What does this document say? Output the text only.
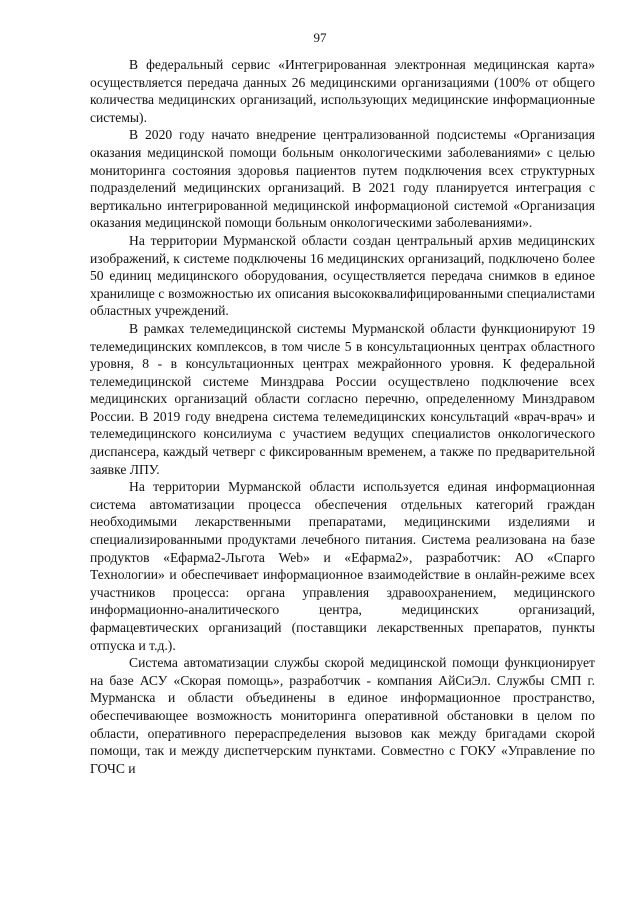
97

В федеральный сервис «Интегрированная электронная медицинская карта» осуществляется передача данных 26 медицинскими организациями (100% от общего количества медицинских организаций, использующих медицинские информационные системы).

В 2020 году начато внедрение централизованной подсистемы «Организация оказания медицинской помощи больным онкологическими заболеваниями» с целью мониторинга состояния здоровья пациентов путем подключения всех структурных подразделений медицинских организаций. В 2021 году планируется интеграция с вертикально интегрированной медицинской информационой системой «Организация оказания медицинской помощи больным онкологическими заболеваниями».

На территории Мурманской области создан центральный архив медицинских изображений, к системе подключены 16 медицинских организаций, подключено более 50 единиц медицинского оборудования, осуществляется передача снимков в единое хранилище с возможностью их описания высококвалифицированными специалистами областных учреждений.

В рамках телемедицинской системы Мурманской области функционируют 19 телемедицинских комплексов, в том числе 5 в консультационных центрах областного уровня, 8 - в консультационных центрах межрайонного уровня. К федеральной телемедицинской системе Минздрава России осуществлено подключение всех медицинских организаций области согласно перечню, определенному Минздравом России. В 2019 году внедрена система телемедицинских консультаций «врач-врач» и телемедицинского консилиума с участием ведущих специалистов онкологического диспансера, каждый четверг с фиксированным временем, а также по предварительной заявке ЛПУ.

На территории Мурманской области используется единая информационная система автоматизации процесса обеспечения отдельных категорий граждан необходимыми лекарственными препаратами, медицинскими изделиями и специализированными продуктами лечебного питания. Система реализована на базе продуктов «Ефарма2-Льгота Web» и «Ефарма2», разработчик: АО «Спарго Технологии» и обеспечивает информационное взаимодействие в онлайн-режиме всех участников процесса: органа управления здравоохранением, медицинского информационно-аналитического центра, медицинских организаций, фармацевтических организаций (поставщики лекарственных препаратов, пункты отпуска и т.д.).

Система автоматизации службы скорой медицинской помощи функционирует на базе АСУ «Скорая помощь», разработчик - компания АйСиЭл. Службы СМП г. Мурманска и области объединены в единое информационное пространство, обеспечивающее возможность мониторинга оперативной обстановки в целом по области, оперативного перераспределения вызовов как между бригадами скорой помощи, так и между диспетчерским пунктами. Совместно с ГОКУ «Управление по ГОЧС и
